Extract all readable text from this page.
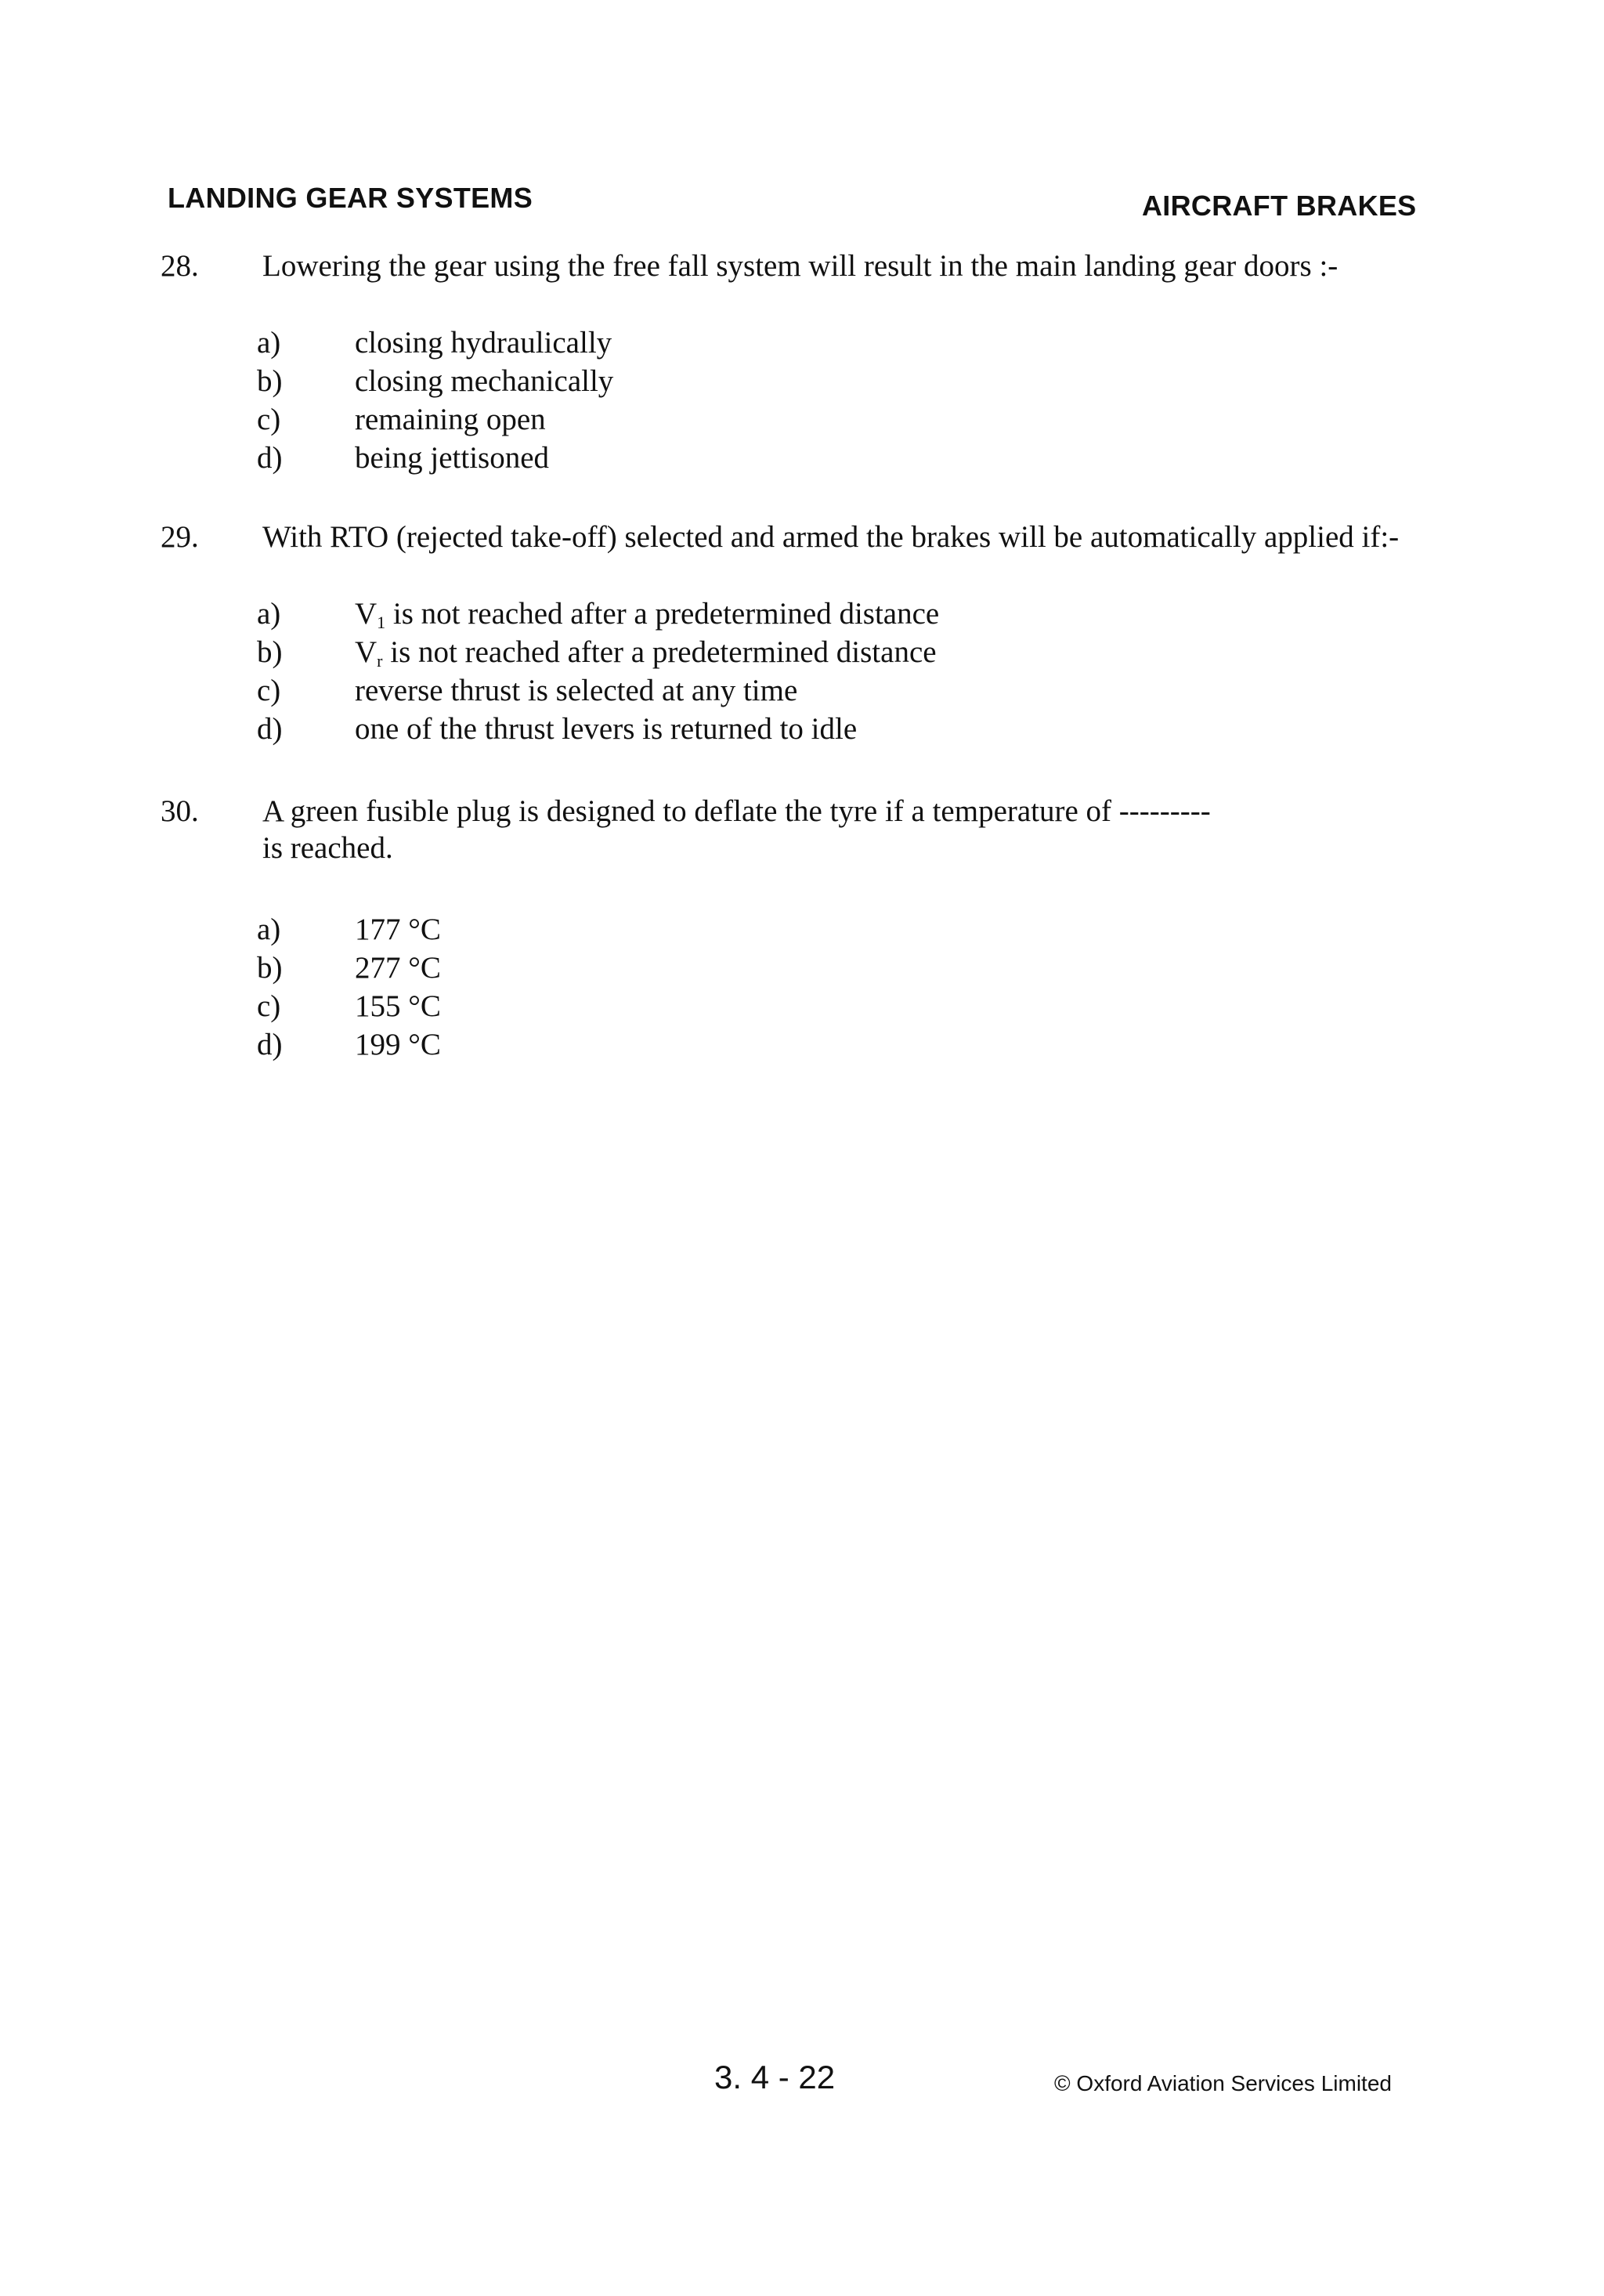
LANDING GEAR SYSTEMS	AIRCRAFT BRAKES
28. Lowering the gear using the free fall system will result in the main landing gear doors :-
a) closing hydraulically
b) closing mechanically
c) remaining open
d) being jettisoned
29. With RTO (rejected take-off) selected and armed the brakes will be automatically applied if:-
a) $V_1$ is not reached after a predetermined distance
b) $V_r$ is not reached after a predetermined distance
c) reverse thrust is selected at any time
d) one of the thrust levers is returned to idle
30. A green fusible plug is designed to deflate the tyre if a temperature of ---------
is reached.
a) 177 °C
b) 277 °C
c) 155 °C
d) 199 °C
3. 4 - 22	© Oxford Aviation Services Limited
